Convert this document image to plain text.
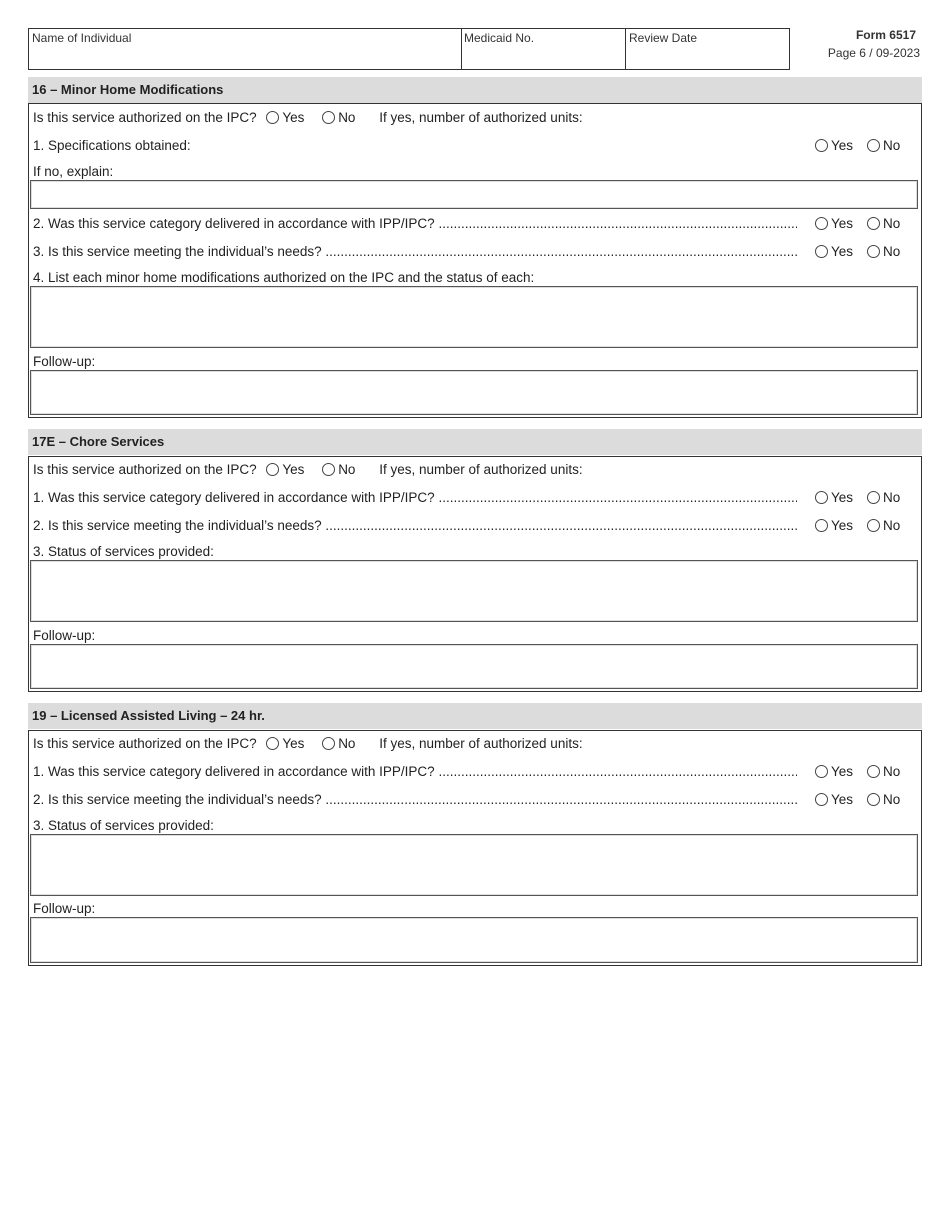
Name of Individual	Medicaid No.	Review Date	Form 6517
Page 6 / 09-2023
16 – Minor Home Modifications
Is this service authorized on the IPC? Yes	No If yes, number of authorized units:
1. Specifications obtained:	Yes No
If no, explain:
2. Was this service category delivered in accordance with IPP/IPC? .....	Yes No
3. Is this service meeting the individual’s needs? .....	Yes No
4. List each minor home modifications authorized on the IPC and the status of each:
Follow-up:
17E – Chore Services
Is this service authorized on the IPC? Yes	No If yes, number of authorized units:
1. Was this service category delivered in accordance with IPP/IPC? .....	Yes No
2. Is this service meeting the individual’s needs? .....	Yes No
3. Status of services provided:
Follow-up:
19 – Licensed Assisted Living – 24 hr.
Is this service authorized on the IPC? Yes	No If yes, number of authorized units:
1. Was this service category delivered in accordance with IPP/IPC? .....	Yes No
2. Is this service meeting the individual’s needs? .....	Yes No
3. Status of services provided:
Follow-up:
